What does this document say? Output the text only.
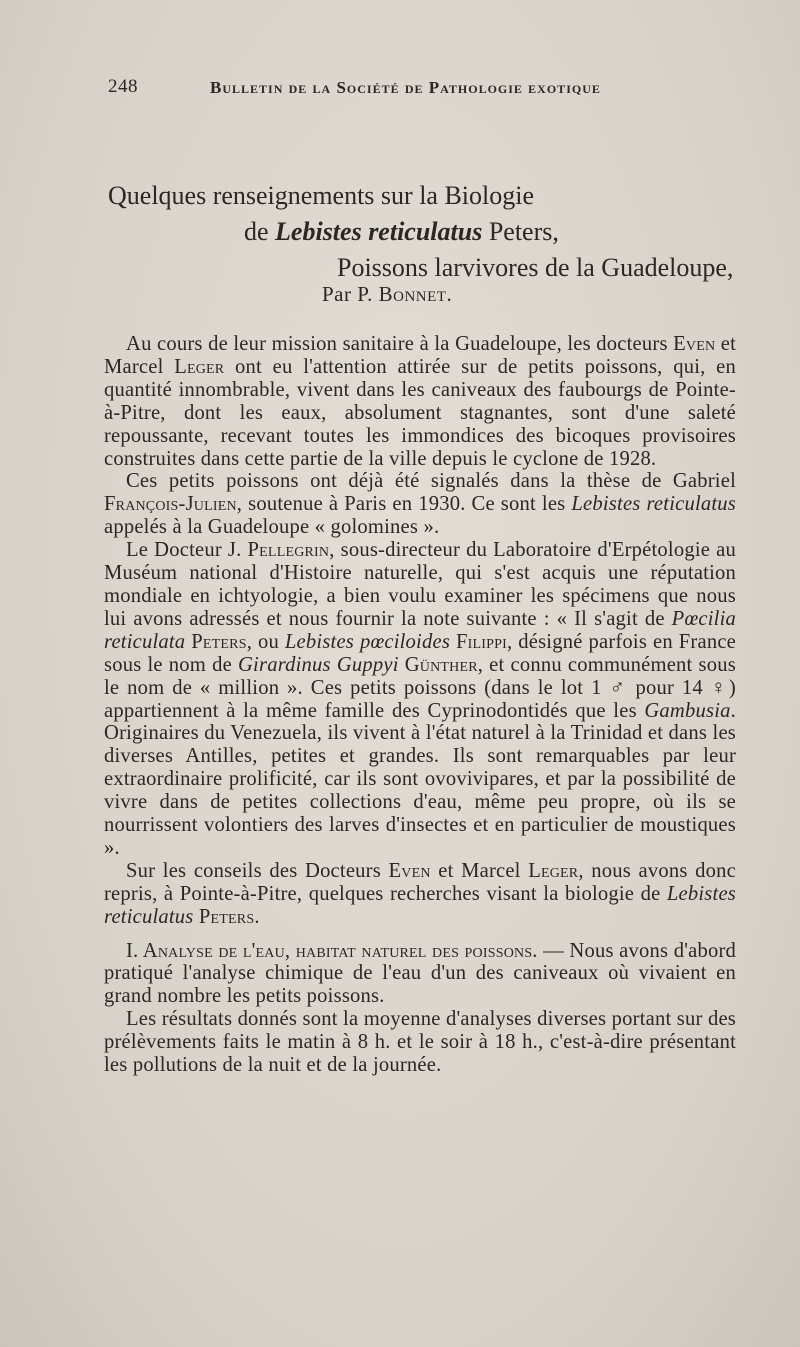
248	Bulletin de la Société de Pathologie exotique
Quelques renseignements sur la Biologie
de Lebistes reticulatus Peters,
Poissons larvivores de la Guadeloupe,
Par P. Bonnet.

Au cours de leur mission sanitaire à la Guadeloupe, les docteurs Even et Marcel Leger ont eu l'attention attirée sur de petits poissons, qui, en quantité innombrable, vivent dans les caniveaux des faubourgs de Pointe-à-Pitre, dont les eaux, absolument stagnantes, sont d'une saleté repoussante, recevant toutes les immondices des bicoques provisoires construites dans cette partie de la ville depuis le cyclone de 1928.

Ces petits poissons ont déjà été signalés dans la thèse de Gabriel François-Julien, soutenue à Paris en 1930. Ce sont les Lebistes reticulatus appelés à la Guadeloupe « golomines ».

Le Docteur J. Pellegrin, sous-directeur du Laboratoire d'Erpétologie au Muséum national d'Histoire naturelle, qui s'est acquis une réputation mondiale en ichtyologie, a bien voulu examiner les spécimens que nous lui avons adressés et nous fournir la note suivante : « Il s'agit de Pœcilia reticulata Peters, ou Lebistes pœciloides Filippi, désigné parfois en France sous le nom de Girardinus Guppyi Günther, et connu communément sous le nom de « million ». Ces petits poissons (dans le lot 1 ♂ pour 14 ♀) appartiennent à la même famille des Cyprinodontidés que les Gambusia. Originaires du Venezuela, ils vivent à l'état naturel à la Trinidad et dans les diverses Antilles, petites et grandes. Ils sont remarquables par leur extraordinaire prolificité, car ils sont ovovivipares, et par la possibilité de vivre dans de petites collections d'eau, même peu propre, où ils se nourrissent volontiers des larves d'insectes et en particulier de moustiques ».

Sur les conseils des Docteurs Even et Marcel Leger, nous avons donc repris, à Pointe-à-Pitre, quelques recherches visant la biologie de Lebistes reticulatus Peters.

I. Analyse de l'eau, habitat naturel des poissons. — Nous avons d'abord pratiqué l'analyse chimique de l'eau d'un des caniveaux où vivaient en grand nombre les petits poissons.

Les résultats donnés sont la moyenne d'analyses diverses portant sur des prélèvements faits le matin à 8 h. et le soir à 18 h., c'est-à-dire présentant les pollutions de la nuit et de la journée.
